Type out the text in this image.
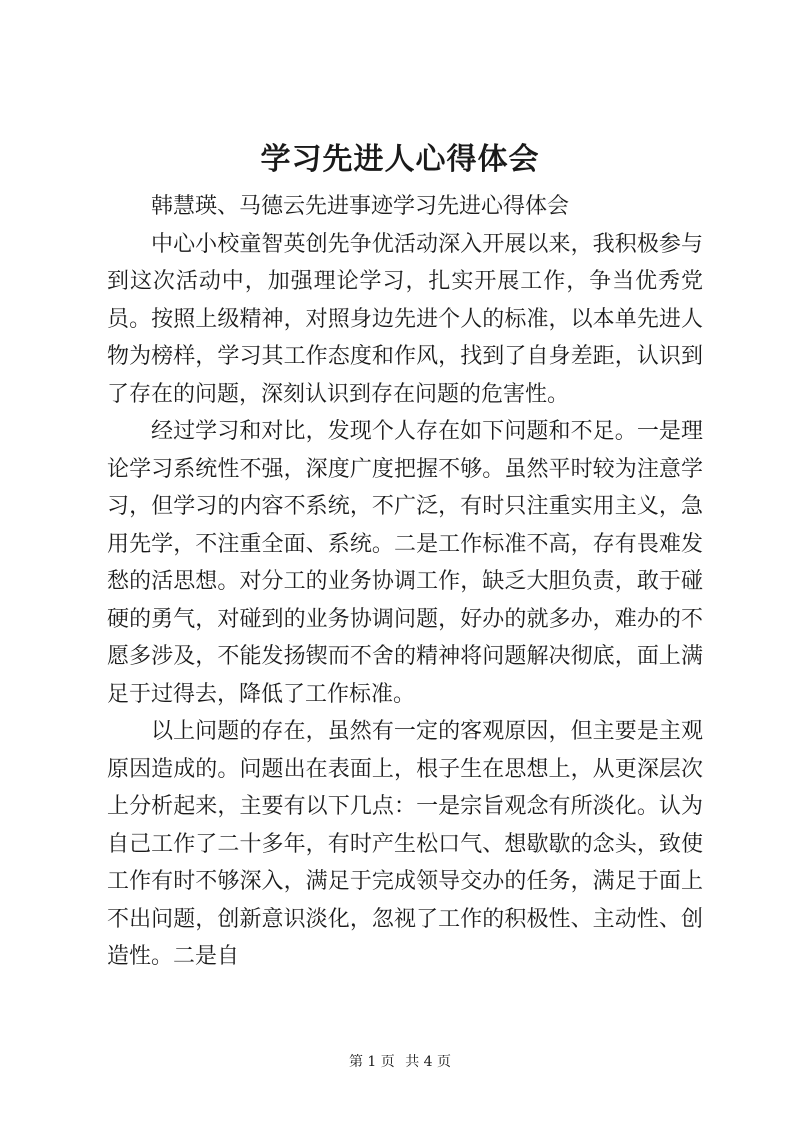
学习先进人心得体会

韩慧瑛、马德云先进事迹学习先进心得体会

中心小校童智英创先争优活动深入开展以来，我积极参与到这次活动中，加强理论学习，扎实开展工作，争当优秀党员。按照上级精神，对照身边先进个人的标准，以本单先进人物为榜样，学习其工作态度和作风，找到了自身差距，认识到了存在的问题，深刻认识到存在问题的危害性。

经过学习和对比，发现个人存在如下问题和不足。一是理论学习系统性不强，深度广度把握不够。虽然平时较为注意学习，但学习的内容不系统，不广泛，有时只注重实用主义，急用先学，不注重全面、系统。二是工作标准不高，存有畏难发愁的活思想。对分工的业务协调工作，缺乏大胆负责，敢于碰硬的勇气，对碰到的业务协调问题，好办的就多办，难办的不愿多涉及，不能发扬锲而不舍的精神将问题解决彻底，面上满足于过得去，降低了工作标准。

以上问题的存在，虽然有一定的客观原因，但主要是主观原因造成的。问题出在表面上，根子生在思想上，从更深层次上分析起来，主要有以下几点：一是宗旨观念有所淡化。认为自己工作了二十多年，有时产生松口气、想歇歇的念头，致使工作有时不够深入，满足于完成领导交办的任务，满足于面上不出问题，创新意识淡化，忽视了工作的积极性、主动性、创造性。二是自

第 1 页 共 4 页
